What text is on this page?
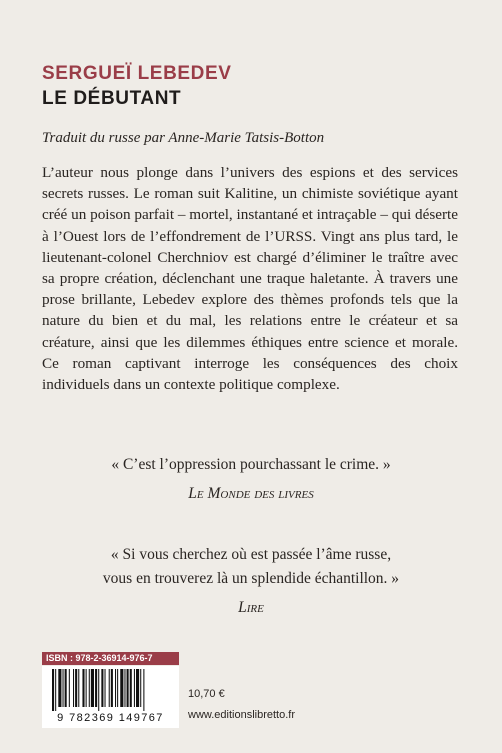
SERGUEÏ LEBEDEV
LE DÉBUTANT
Traduit du russe par Anne-Marie Tatsis-Botton

L’auteur nous plonge dans l’univers des espions et des services secrets russes. Le roman suit Kalitine, un chimiste soviétique ayant créé un poison parfait – mortel, instantané et intraçable – qui déserte à l’Ouest lors de l’effondrement de l’URSS. Vingt ans plus tard, le lieutenant-colonel Cherchniov est chargé d’éliminer le traître avec sa propre création, déclenchant une traque haletante. À travers une prose brillante, Lebedev explore des thèmes profonds tels que la nature du bien et du mal, les relations entre le créateur et sa créature, ainsi que les dilemmes éthiques entre science et morale. Ce roman captivant interroge les conséquences des choix individuels dans un contexte politique complexe.

« C’est l’oppression pourchassant le crime. »

Le Monde des livres

« Si vous cherchez où est passée l’âme russe,
vous en trouverez là un splendide échantillon. »

Lire
ISBN : 978-2-36914-976-7
9 782369 149767
10,70 €
www.editionslibretto.fr
